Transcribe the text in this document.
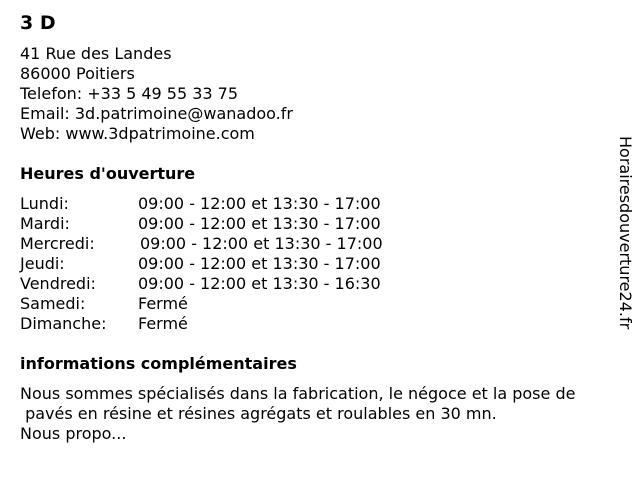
3 D
41 Rue des Landes
86000 Poitiers
Telefon: +33 5 49 55 33 75
Email: 3d.patrimoine@wanadoo.fr
Web: www.3dpatrimoine.com
Heures d'ouverture
Lundi:	09:00 - 12:00 et 13:30 - 17:00
Mardi:	09:00 - 12:00 et 13:30 - 17:00
Mercredi:	09:00 - 12:00 et 13:30 - 17:00
Jeudi:	09:00 - 12:00 et 13:30 - 17:00
Vendredi:	09:00 - 12:00 et 13:30 - 16:30
Samedi:	Fermé
Dimanche: Fermé
informations complémentaires
Nous sommes spécialisés dans la fabrication, le négoce et la pose de
pavés en résine et résines agrégats et roulables en 30 mn.
Nous propo...
Horairesdouverture24.fr
